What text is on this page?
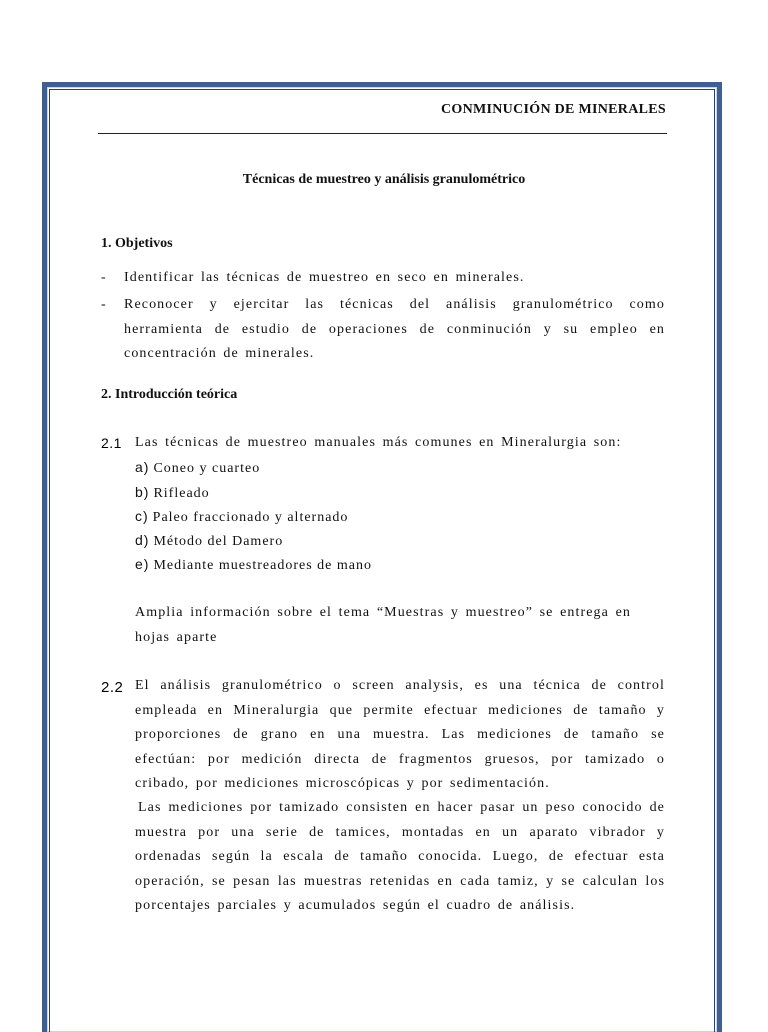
CONMINUCIÓN DE MINERALES
Técnicas de muestreo y análisis granulométrico
1. Objetivos
-	Identificar las técnicas de muestreo en seco en minerales.
-	Reconocer y ejercitar las técnicas del análisis granulométrico como herramienta de estudio de operaciones de conminución y su empleo en concentración de minerales.
2. Introducción teórica
2.1 Las técnicas de muestreo manuales más comunes en Mineralurgia son:
a) Coneo y cuarteo
b) Rifleado
c) Paleo fraccionado y alternado
d) Método del Damero
e) Mediante muestreadores de mano
Amplia información sobre el tema “Muestras y muestreo” se entrega en hojas aparte
2.2 El análisis granulométrico o screen analysis, es una técnica de control empleada en Mineralurgia que permite efectuar mediciones de tamaño y proporciones de grano en una muestra. Las mediciones de tamaño se efectúan: por medición directa de fragmentos gruesos, por tamizado o cribado, por mediciones microscópicas y por sedimentación.
Las mediciones por tamizado consisten en hacer pasar un peso conocido de muestra por una serie de tamices, montadas en un aparato vibrador y ordenadas según la escala de tamaño conocida. Luego, de efectuar esta operación, se pesan las muestras retenidas en cada tamiz, y se calculan los porcentajes parciales y acumulados según el cuadro de análisis.
